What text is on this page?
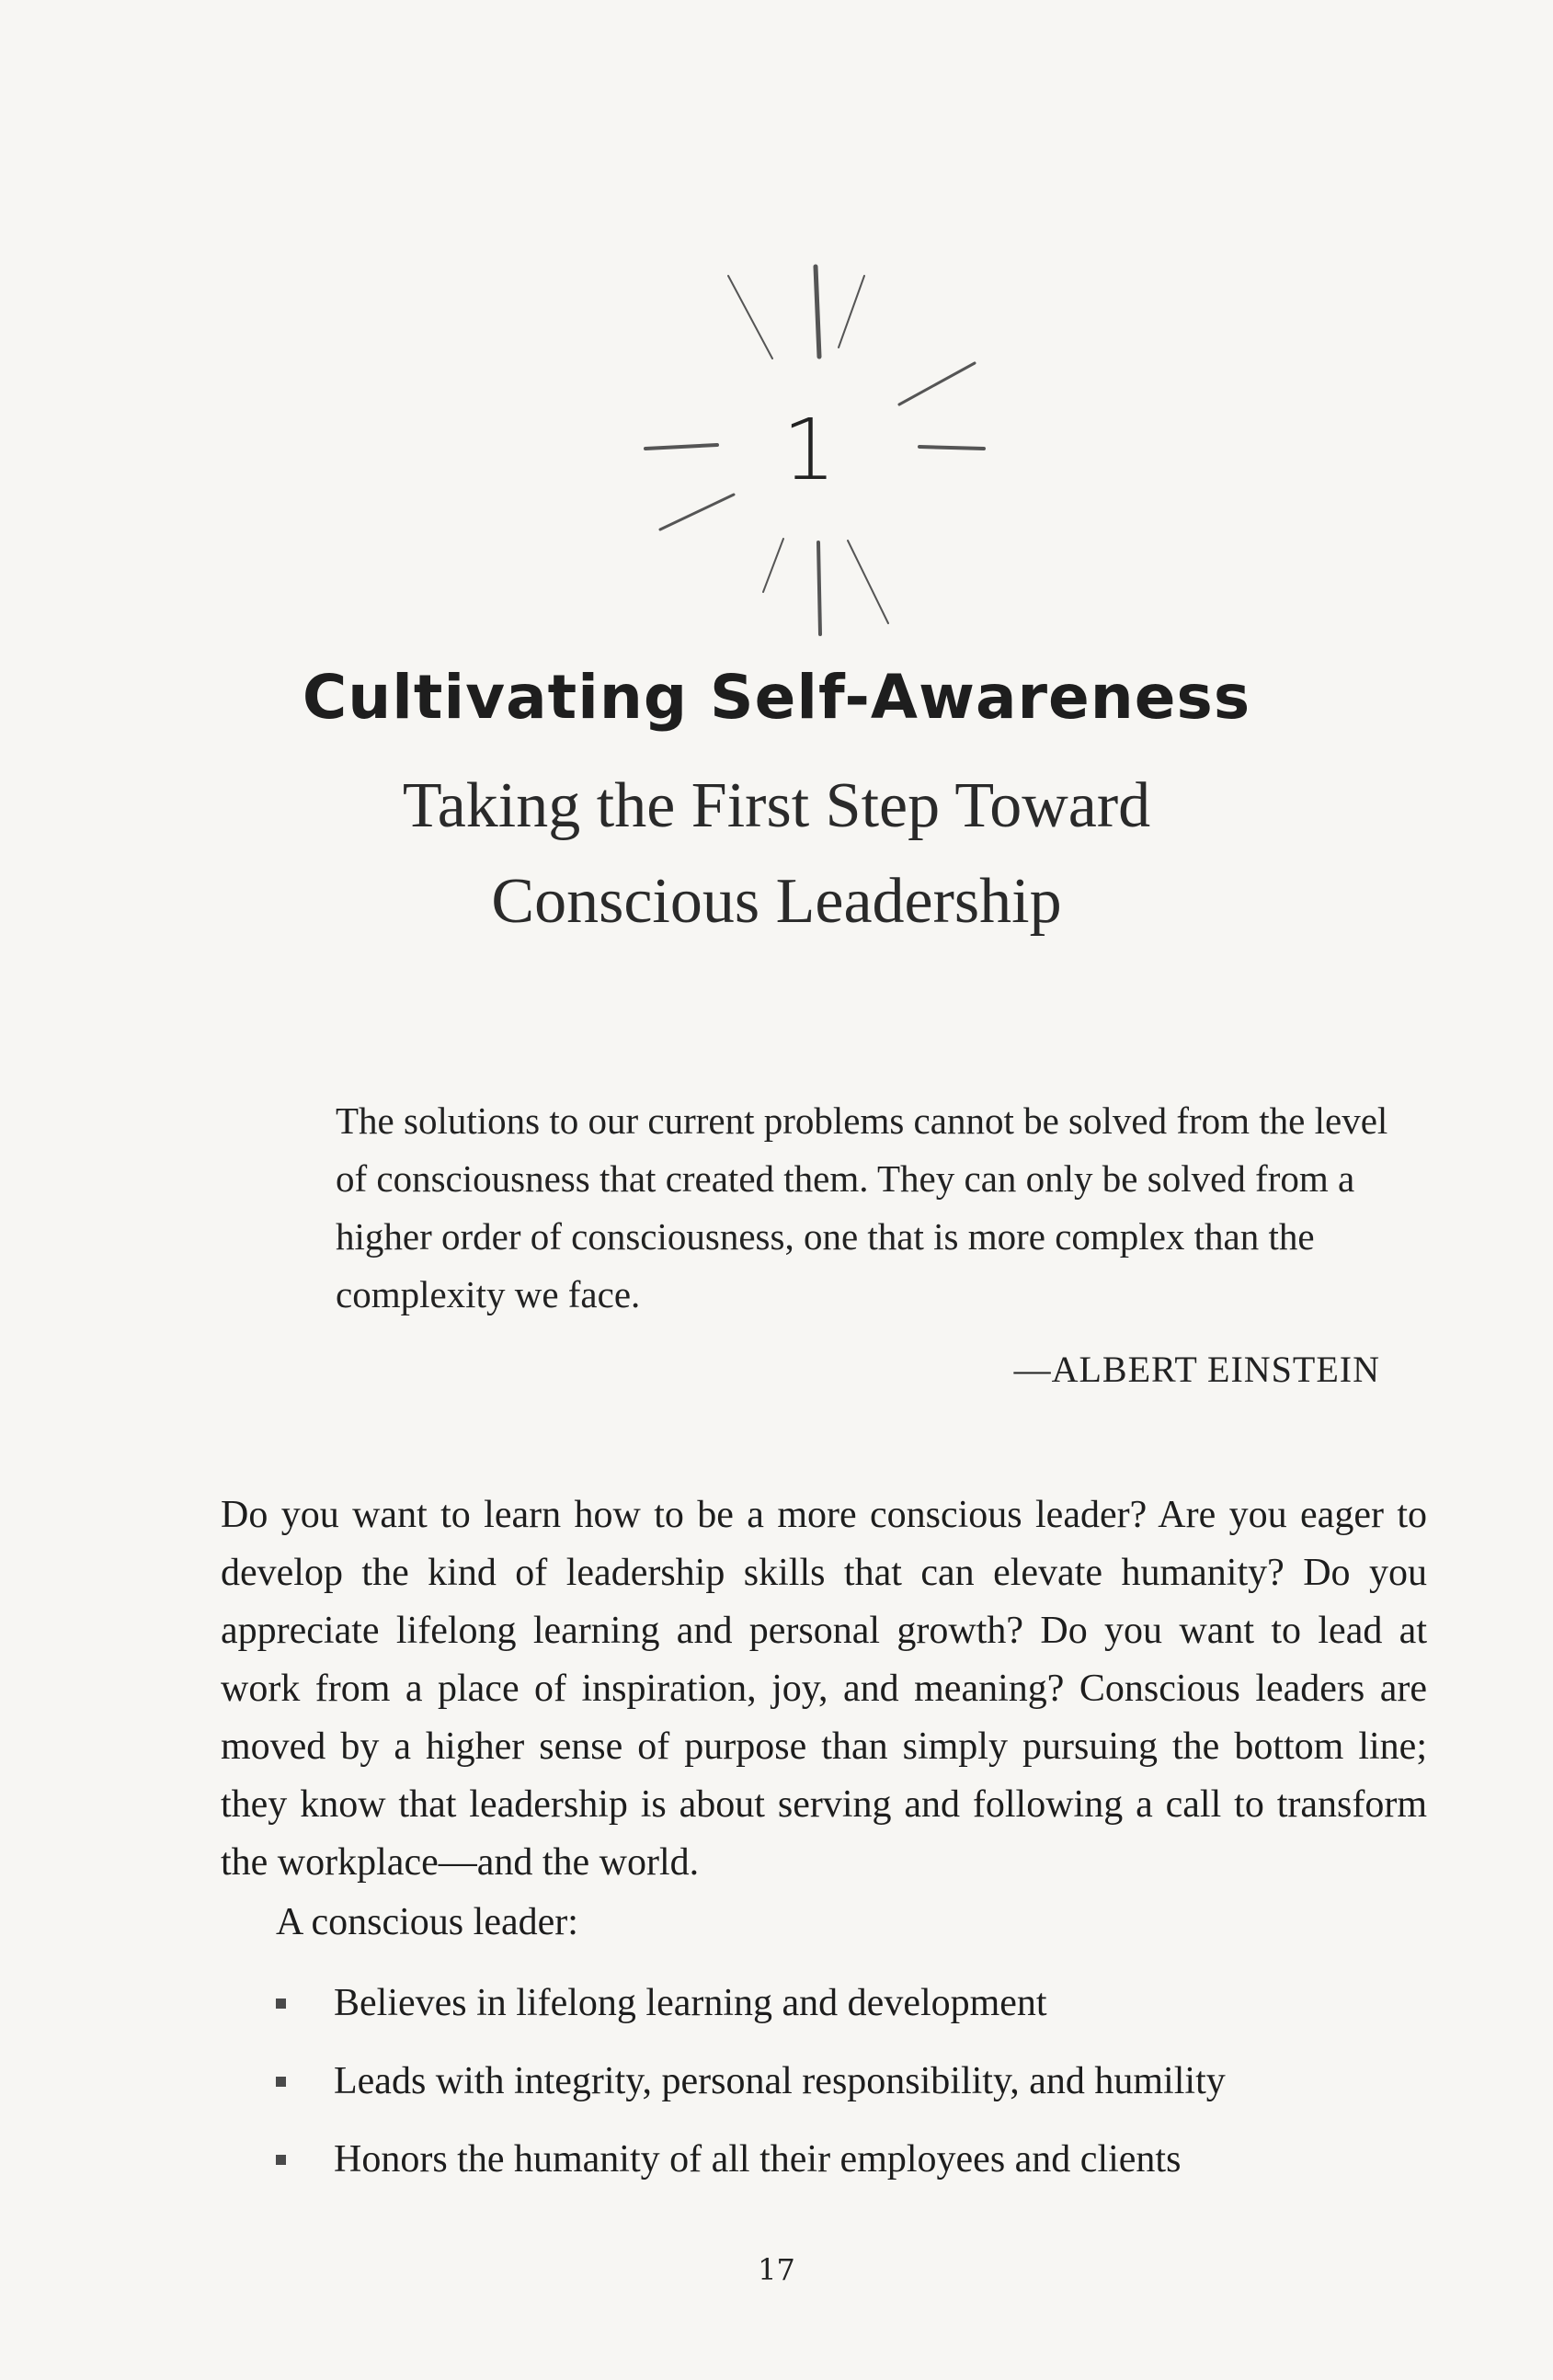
1
Cultivating Self-Awareness
Taking the First Step Toward
Conscious Leadership

The solutions to our current problems cannot be solved from the level of consciousness that created them. They can only be solved from a higher order of consciousness, one that is more complex than the complexity we face.

—ALBERT EINSTEIN

Do you want to learn how to be a more conscious leader? Are you eager to develop the kind of leadership skills that can elevate humanity? Do you appreciate lifelong learning and personal growth? Do you want to lead at work from a place of inspiration, joy, and meaning? Conscious leaders are moved by a higher sense of purpose than simply pursuing the bottom line; they know that leadership is about serving and following a call to transform the workplace—and the world.

A conscious leader:

Believes in lifelong learning and development
Leads with integrity, personal responsibility, and humility
Honors the humanity of all their employees and clients
17
